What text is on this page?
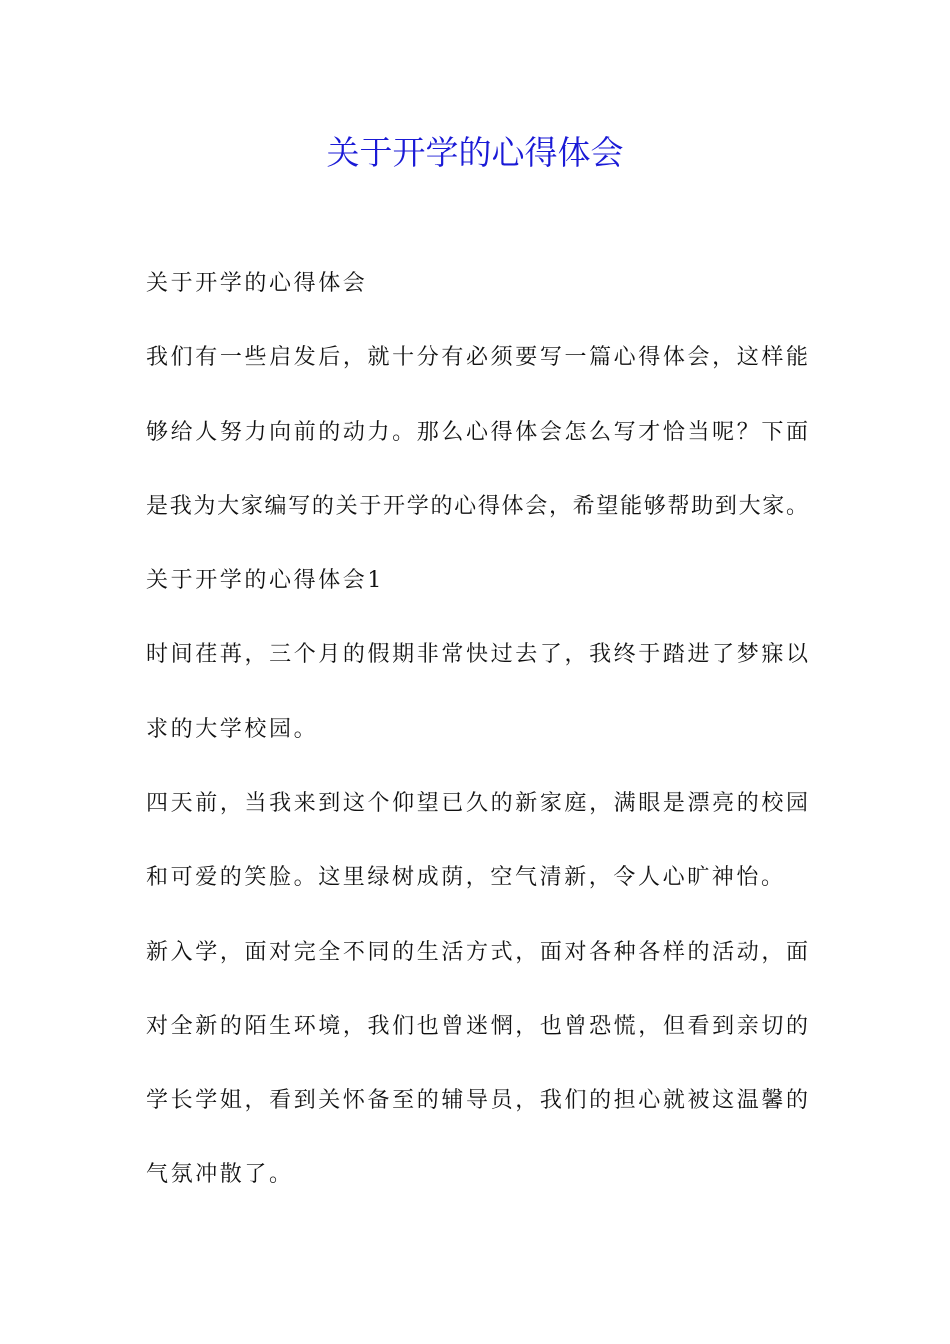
关于开学的心得体会
关于开学的心得体会
我们有一些启发后，就十分有必须要写一篇心得体会，这样能
够给人努力向前的动力。那么心得体会怎么写才恰当呢？下面
是我为大家编写的关于开学的心得体会，希望能够帮助到大家。
关于开学的心得体会1
时间荏苒，三个月的假期非常快过去了，我终于踏进了梦寐以
求的大学校园。
四天前，当我来到这个仰望已久的新家庭，满眼是漂亮的校园
和可爱的笑脸。这里绿树成荫，空气清新，令人心旷神怡。
新入学，面对完全不同的生活方式，面对各种各样的活动，面
对全新的陌生环境，我们也曾迷惘，也曾恐慌，但看到亲切的
学长学姐，看到关怀备至的辅导员，我们的担心就被这温馨的
气氛冲散了。
